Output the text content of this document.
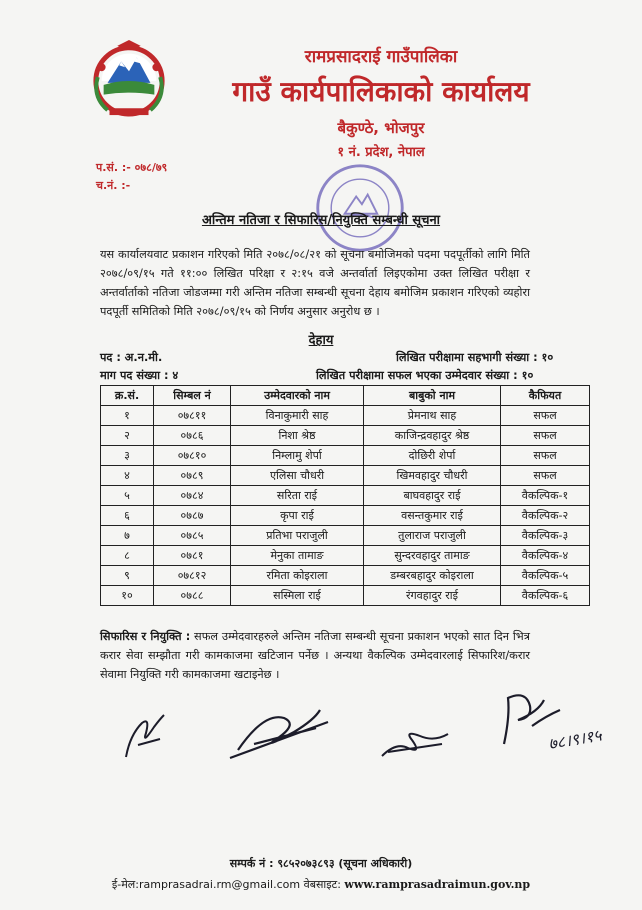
रामप्रसादराई गाउँपालिका
गाउँ कार्यपालिकाको कार्यालय
बैकुण्ठे, भोजपुर
१ नं. प्रदेश, नेपाल
प.सं. :- ०७८/७९
च.नं. :-
अन्तिम नतिजा र सिफारिस/नियुक्ति सम्बन्धी सूचना
यस कार्यालयवाट प्रकाशन गरिएको मिति २०७८/०८/२१ को सूचना बमोजिमको पदमा पदपूर्तीको लागि मिति २०७८/०९/१५ गते ११:०० लिखित परिक्षा र २:१५ वजे अन्तर्वार्ता लिइएकोमा उक्त लिखित परीक्षा र अन्तर्वार्ताको नतिजा जोडजम्मा गरी अन्तिम नतिजा सम्बन्धी सूचना देहाय बमोजिम प्रकाशन गरिएको व्यहोरा पदपूर्ती समितिको मिति २०७८/०९/१५ को निर्णय अनुसार अनुरोध छ ।
देहाय
पद : अ.न.मी.
माग पद संख्या : ४
लिखित परीक्षामा सहभागी संख्या : १०
लिखित परीक्षामा सफल भएका उम्मेदवार संख्या : १०
क्र.सं.	सिम्बल नं	उम्मेदवारको नाम	बाबुको नाम	कैफियत
१	०७८११	विनाकुमारी साह	प्रेमनाथ साह	सफल
२	०७८६	निशा श्रेष्ठ	काजिन्द्रवहादुर श्रेष्ठ	सफल
३	०७८१०	निम्लामु शेर्पा	दोछिरी शेर्पा	सफल
४	०७८९	एलिसा चौधरी	खिमवहादुर चौधरी	सफल
५	०७८४	सरिता राई	बाघवहादुर राई	वैकल्पिक-१
६	०७८७	कृपा राई	वसन्तकुमार राई	वैकल्पिक-२
७	०७८५	प्रतिभा पराजुली	तुलाराज पराजुली	वैकल्पिक-३
८	०७८१	मेनुका तामाङ	सुन्दरवहादुर तामाङ	वैकल्पिक-४
९	०७८१२	रमिता कोइराला	डम्बरबहादुर कोइराला	वैकल्पिक-५
१०	०७८८	सस्मिला राई	रंगवहादुर राई	वैकल्पिक-६
सिफारिस र नियुक्ति : सफल उम्मेदवारहरुले अन्तिम नतिजा सम्बन्धी सूचना प्रकाशन भएको सात दिन भित्र करार सेवा सम्झौता गरी कामकाजमा खटिजान पर्नेछ । अन्यथा वैकल्पिक उम्मेदवारलाई सिफारिश/करार सेवामा नियुक्ति गरी कामकाजमा खटाइनेछ ।
७८।९।१५
सम्पर्क नं : ९८५२०७३८९३ (सूचना अधिकारी)
ई-मेल:ramprasadrai.rm@gmail.com वेबसाइट: www.ramprasadraimun.gov.np
